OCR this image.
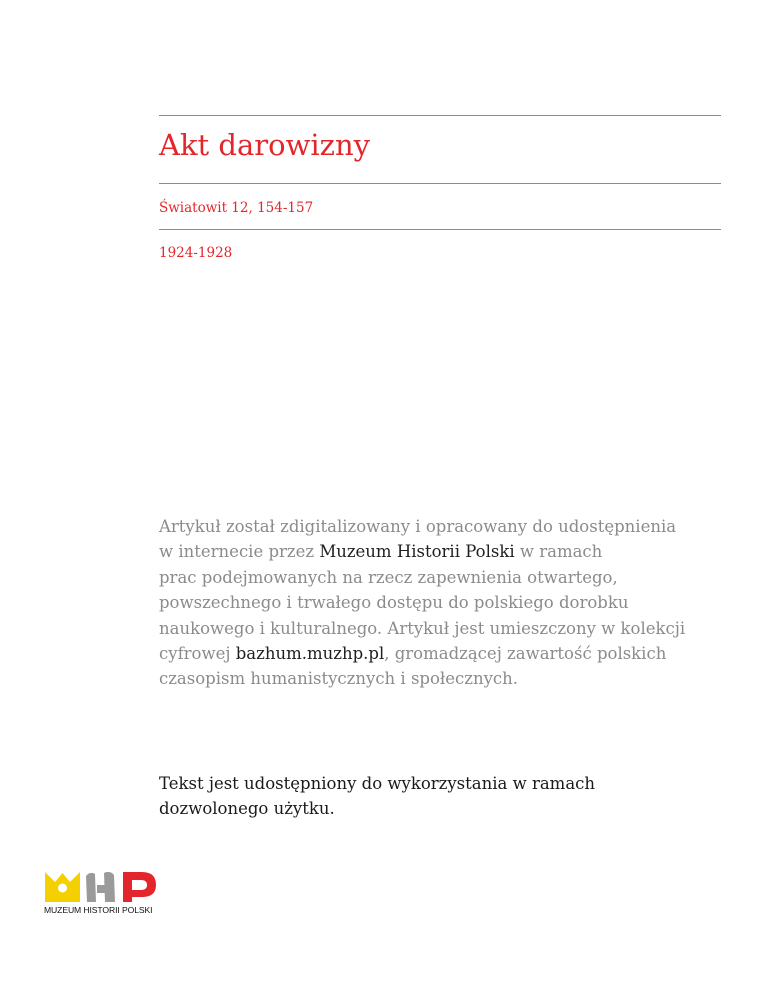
Akt darowizny
Światowit 12, 154-157
1924-1928
Artykuł został zdigitalizowany i opracowany do udostępnienia
w internecie przez Muzeum Historii Polski w ramach
prac podejmowanych na rzecz zapewnienia otwartego,
powszechnego i trwałego dostępu do polskiego dorobku
naukowego i kulturalnego. Artykuł jest umieszczony w kolekcji
cyfrowej bazhum.muzhp.pl, gromadzącej zawartość polskich
czasopism humanistycznych i społecznych.
Tekst jest udostępniony do wykorzystania w ramach
dozwolonego użytku.
MUZEUM HISTORII POLSKI
